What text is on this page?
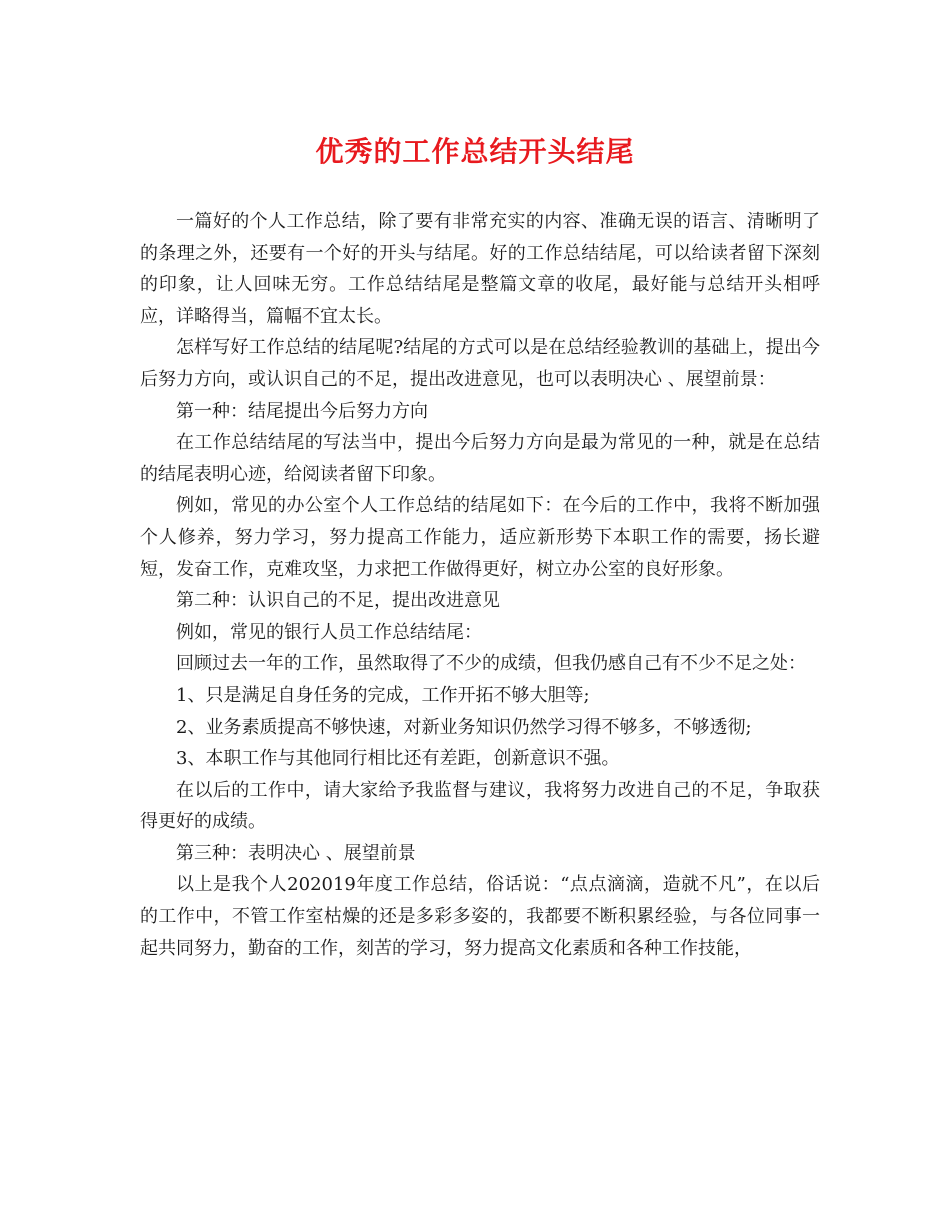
优秀的工作总结开头结尾

一篇好的个人工作总结，除了要有非常充实的内容、准确无误的语言、清晰明了的条理之外，还要有一个好的开头与结尾。好的工作总结结尾，可以给读者留下深刻的印象，让人回味无穷。工作总结结尾是整篇文章的收尾，最好能与总结开头相呼应，详略得当，篇幅不宜太长。

怎样写好工作总结的结尾呢?结尾的方式可以是在总结经验教训的基础上，提出今后努力方向，或认识自己的不足，提出改进意见，也可以表明决心 、展望前景：

第一种：结尾提出今后努力方向

在工作总结结尾的写法当中，提出今后努力方向是最为常见的一种，就是在总结的结尾表明心迹，给阅读者留下印象。

例如，常见的办公室个人工作总结的结尾如下：在今后的工作中，我将不断加强个人修养，努力学习，努力提高工作能力，适应新形势下本职工作的需要，扬长避短，发奋工作，克难攻坚，力求把工作做得更好，树立办公室的良好形象。

第二种：认识自己的不足，提出改进意见

例如，常见的银行人员工作总结结尾：

回顾过去一年的工作，虽然取得了不少的成绩，但我仍感自己有不少不足之处：

1、只是满足自身任务的完成，工作开拓不够大胆等;

2、业务素质提高不够快速，对新业务知识仍然学习得不够多，不够透彻;

3、本职工作与其他同行相比还有差距，创新意识不强。

在以后的工作中，请大家给予我监督与建议，我将努力改进自己的不足，争取获得更好的成绩。

第三种：表明决心 、展望前景

以上是我个人202019年度工作总结，俗话说：“点点滴滴，造就不凡”，在以后的工作中，不管工作室枯燥的还是多彩多姿的，我都要不断积累经验，与各位同事一起共同努力，勤奋的工作，刻苦的学习，努力提高文化素质和各种工作技能，
